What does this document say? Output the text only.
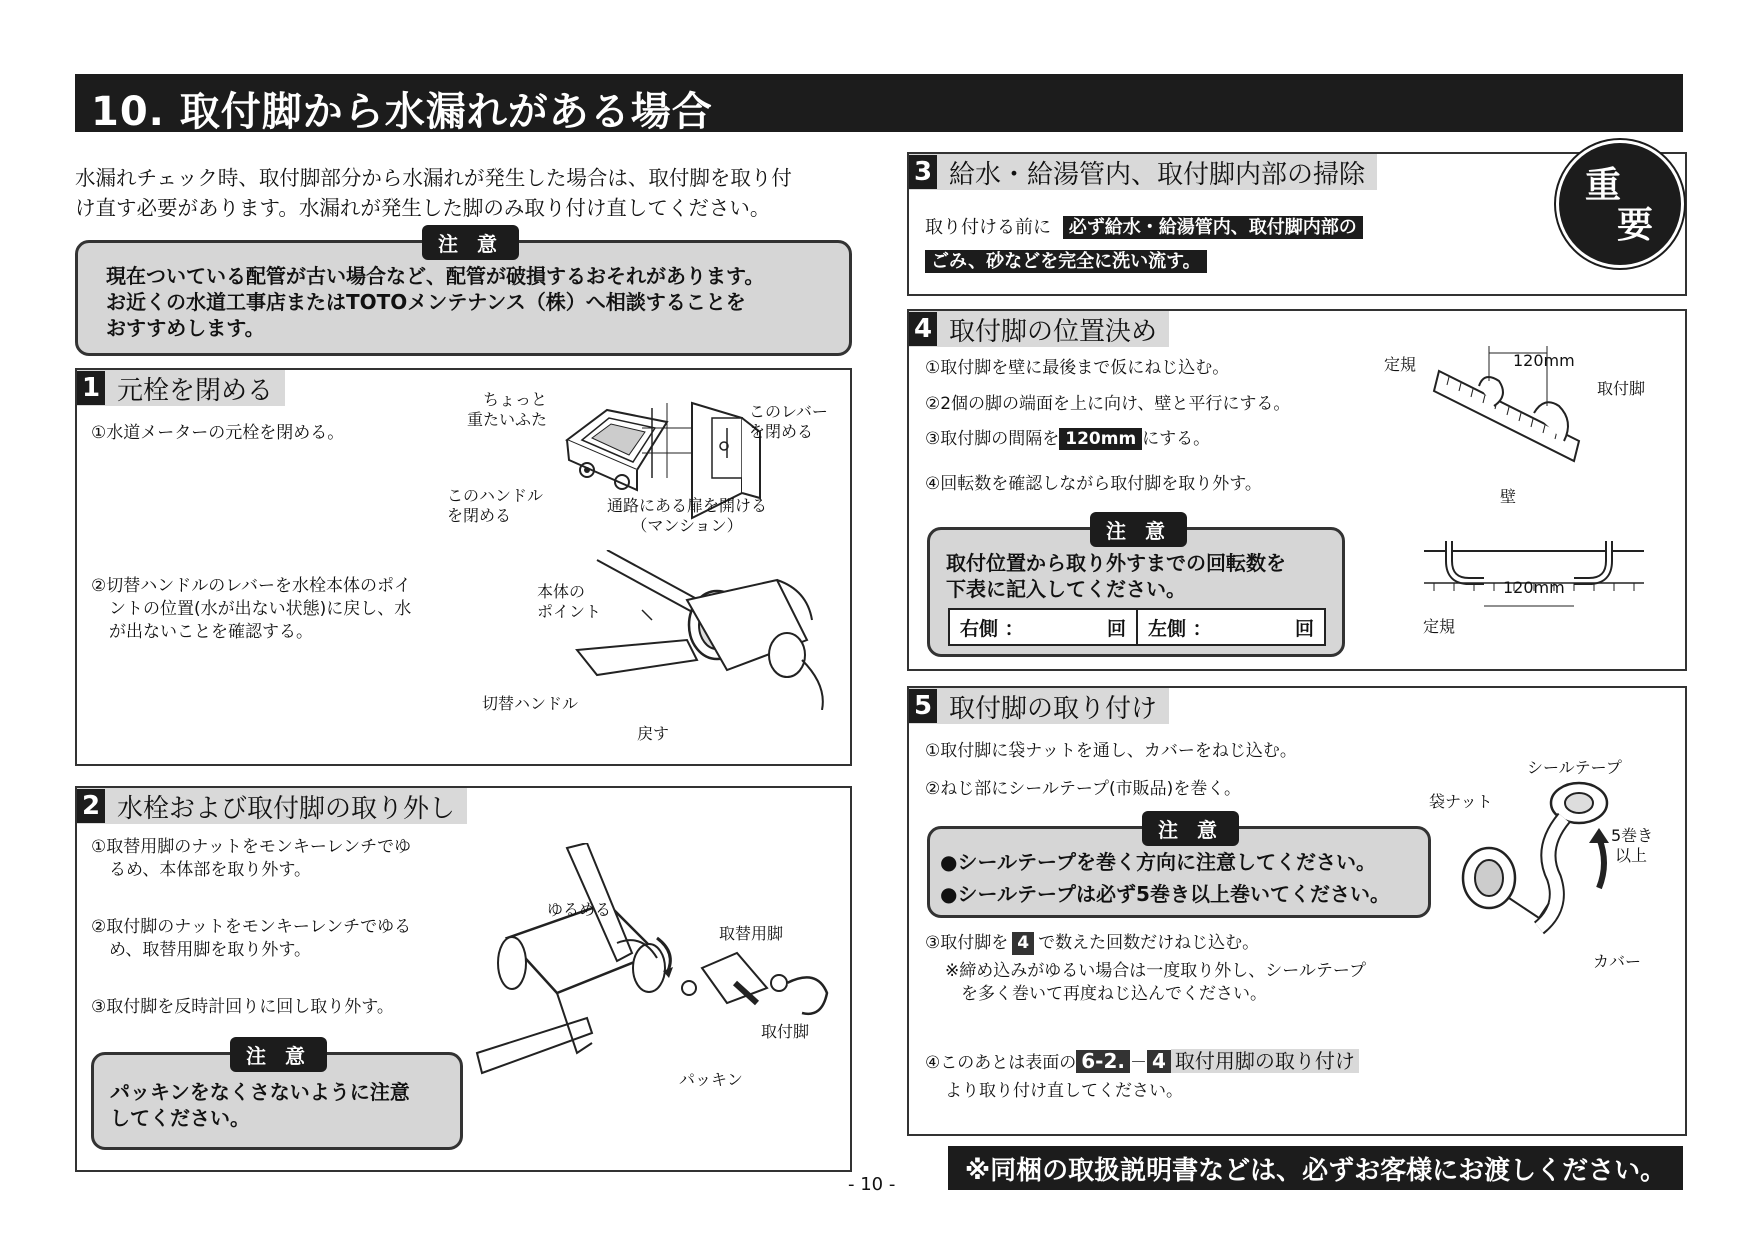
10. 取付脚から水漏れがある場合
水漏れチェック時、取付脚部分から水漏れが発生した場合は、取付脚を取り付
け直す必要があります。水漏れが発生した脚のみ取り付け直してください。
注 意
現在ついている配管が古い場合など、配管が破損するおそれがあります。
お近くの水道工事店またはTOTOメンテナンス（株）へ相談することを
おすすめします。
1 元栓を閉める
①水道メーターの元栓を閉める。
②切替ハンドルのレバーを水栓本体のポイ
ントの位置(水が出ない状態)に戻し、水
が出ないことを確認する。
ちょっと
重たいふた	このレバー
を閉める
このハンドル
を閉める
通路にある扉を開ける
（マンション）
本体の
ポイント
切替ハンドル
戻す
2 水栓および取付脚の取り外し
①取替用脚のナットをモンキーレンチでゆ
るめ、本体部を取り外す。
②取付脚のナットをモンキーレンチでゆる
め、取替用脚を取り外す。
③取付脚を反時計回りに回し取り外す。
注 意
パッキンをなくさないように注意
してください。
ゆるめる
取替用脚
取付脚
パッキン
3 給水・給湯管内、取付脚内部の掃除
取り付ける前に 必ず給水・給湯管内、取付脚内部の
ごみ、砂などを完全に洗い流す。
重
要
4 取付脚の位置決め
①取付脚を壁に最後まで仮にねじ込む。
②2個の脚の端面を上に向け、壁と平行にする。
③取付脚の間隔を 120mm にする。
④回転数を確認しながら取付脚を取り外す。
注 意
取付位置から取り外すまでの回転数を
下表に記入してください。
右側 ：	回 左側 ：	回
定規	120mm
取付脚
壁
120mm
定規
5 取付脚の取り付け
①取付脚に袋ナットを通し、カバーをねじ込む。
②ねじ部にシールテープ(市販品)を巻く。
注 意
●シールテープを巻く方向に注意してください。
●シールテープは必ず5巻き以上巻いてください。
③取付脚を 4 で数えた回数だけねじ込む。
※締め込みがゆるい場合は一度取り外し、シールテープ
を多く巻いて再度ねじ込んでください。
④このあとは表面の 6-2. － 4 取付用脚の取り付け
より取り付け直してください。
シールテープ
袋ナット
5巻き
以上
カバー
※同梱の取扱説明書などは、必ずお客様にお渡しください。
- 10 -
